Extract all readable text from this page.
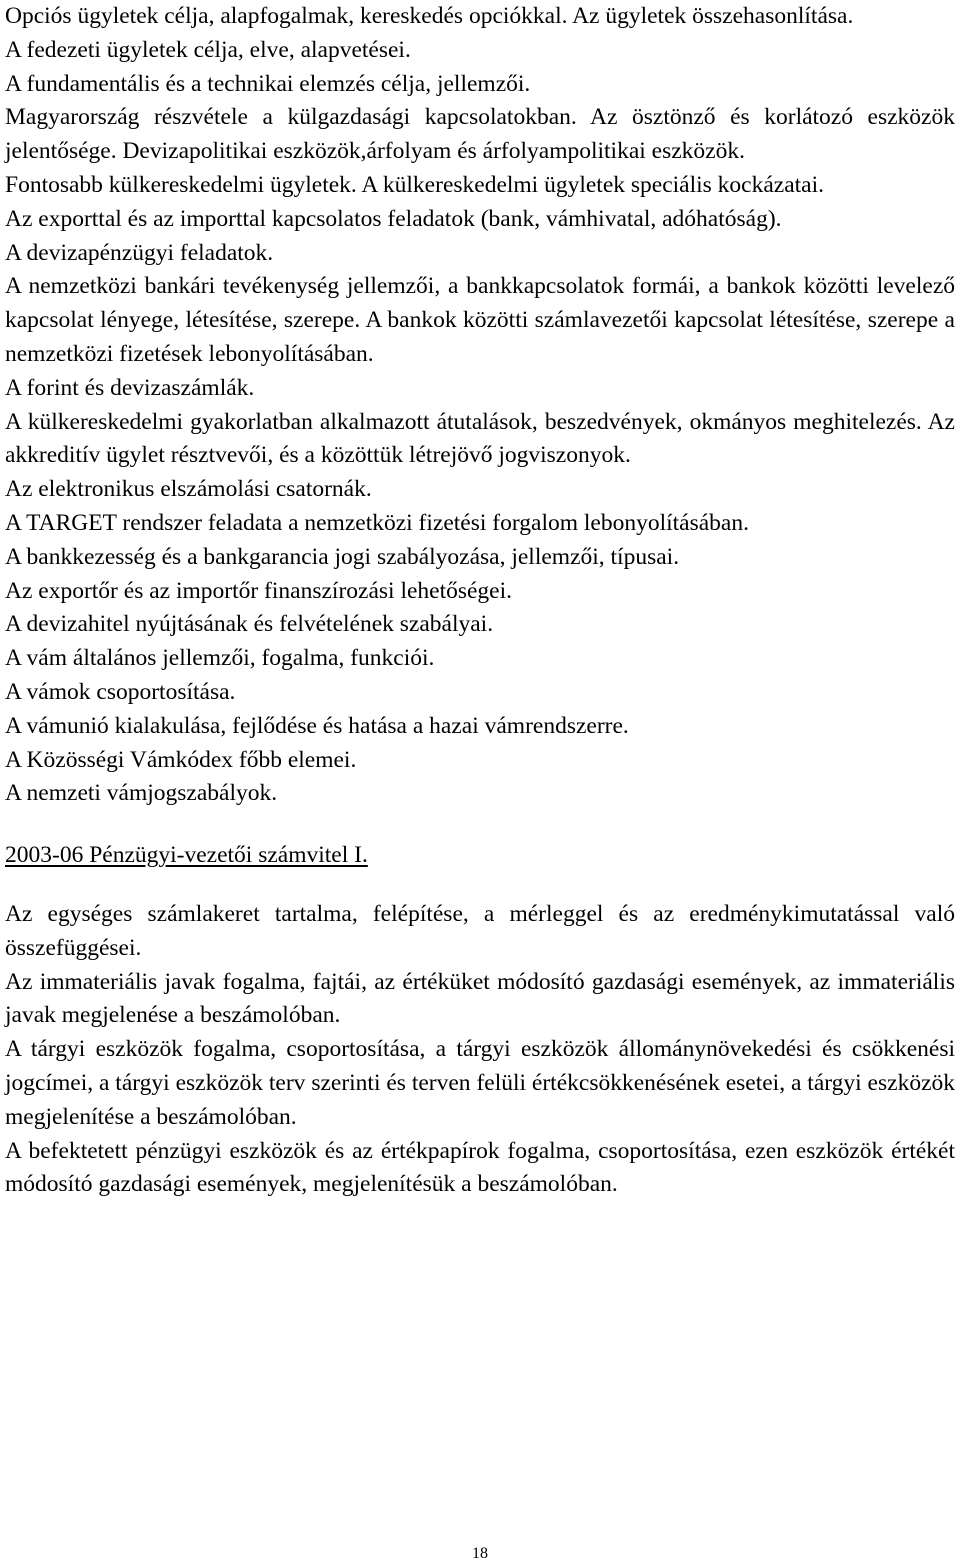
Opciós ügyletek célja, alapfogalmak, kereskedés opciókkal. Az ügyletek összehasonlítása.

A fedezeti ügyletek célja, elve, alapvetései.

A fundamentális és a technikai elemzés célja, jellemzői.

Magyarország részvétele a külgazdasági kapcsolatokban. Az ösztönző és korlátozó eszközök jelentősége. Devizapolitikai eszközök,árfolyam és árfolyampolitikai eszközök.

Fontosabb külkereskedelmi ügyletek. A külkereskedelmi ügyletek speciális kockázatai.

Az exporttal és az importtal kapcsolatos feladatok (bank, vámhivatal, adóhatóság).

A devizapénzügyi feladatok.

A nemzetközi bankári tevékenység jellemzői, a bankkapcsolatok formái, a bankok közötti levelező kapcsolat lényege, létesítése, szerepe. A bankok közötti számlavezetői kapcsolat létesítése, szerepe a nemzetközi fizetések lebonyolításában.

A forint és devizaszámlák.

A külkereskedelmi gyakorlatban alkalmazott átutalások, beszedvények, okmányos meghitelezés. Az akkreditív ügylet résztvevői, és a közöttük létrejövő jogviszonyok.

Az elektronikus elszámolási csatornák.

A TARGET rendszer feladata a nemzetközi fizetési forgalom lebonyolításában.

A bankkezesség és a bankgarancia jogi szabályozása, jellemzői, típusai.

Az exportőr és az importőr finanszírozási lehetőségei.

A devizahitel nyújtásának és felvételének szabályai.

A vám általános jellemzői, fogalma, funkciói.

A vámok csoportosítása.

A vámunió kialakulása, fejlődése és hatása a hazai vámrendszerre.

A Közösségi Vámkódex főbb elemei.

A nemzeti vámjogszabályok.

2003-06 Pénzügyi-vezetői számvitel I.

Az egységes számlakeret tartalma, felépítése, a mérleggel és az eredménykimutatással való összefüggései.

Az immateriális javak fogalma, fajtái, az értéküket módosító gazdasági események, az immateriális javak megjelenése a beszámolóban.

A tárgyi eszközök fogalma, csoportosítása, a tárgyi eszközök állománynövekedési és csökkenési jogcímei, a tárgyi eszközök terv szerinti és terven felüli értékcsökkenésének esetei, a tárgyi eszközök megjelenítése a beszámolóban.

A befektetett pénzügyi eszközök és az értékpapírok fogalma, csoportosítása, ezen eszközök értékét módosító gazdasági események, megjelenítésük a beszámolóban.

18
